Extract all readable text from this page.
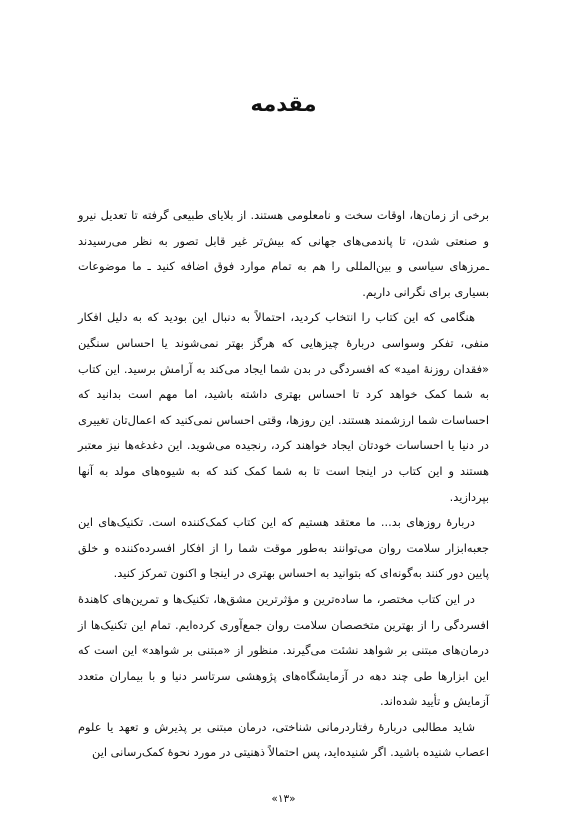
مقدمه

برخی از زمان‌ها، اوقات سخت و نامعلومی هستند. از بلایای طبیعی گرفته تا تعدیل نیرو و صنعتی شدن، تا پاندمی‌های جهانی که بیش‌تر غیر قابل تصور به نظر می‌رسیدند ـ‌مرزهای سیاسی و بین‌المللی را هم به تمام موارد فوق اضافه کنید ـ ما موضوعات بسیاری برای نگرانی داریم.

هنگامی که این کتاب را انتخاب کردید، احتمالاً به دنبال این بودید که به دلیل افکار منفی، تفکر وسواسی دربارهٔ چیزهایی که هرگز بهتر نمی‌شوند یا احساس سنگین «فقدان روزنهٔ امید» که افسردگی در بدن شما ایجاد می‌کند به آرامش برسید. این کتاب به شما کمک خواهد کرد تا احساس بهتری داشته باشید، اما مهم است بدانید که احساسات شما ارزشمند هستند. این روزها، وقتی احساس نمی‌کنید که اعمال‌تان تغییری در دنیا یا احساسات خودتان ایجاد خواهند کرد، رنجیده می‌شوید. این دغدغه‌ها نیز معتبر هستند و این کتاب در اینجا است تا به شما کمک کند که به شیوه‌های مولد به آنها بپردازید.

دربارهٔ روزهای بد... ما معتقد هستیم که این کتاب کمک‌کننده است. تکنیک‌های این جعبه‌ابزار سلامت روان می‌توانند به‌طور موقت شما را از افکار افسرده‌کننده و خلق پایین دور کنند به‌گونه‌ای که بتوانید به احساس بهتری در اینجا و اکنون تمرکز کنید.

در این کتاب مختصر، ما ساده‌ترین و مؤثرترین مشق‌ها، تکنیک‌ها و تمرین‌های کاهندهٔ افسردگی را از بهترین متخصصان سلامت روان جمع‌آوری کرده‌ایم. تمام این تکنیک‌ها از درمان‌های مبتنی بر شواهد نشئت می‌گیرند. منظور از «مبتنی بر شواهد» این است که این ابزارها طی چند دهه در آزمایشگاه‌های پژوهشی سرتاسر دنیا و با بیماران متعدد آزمایش و تأیید شده‌اند.

شاید مطالبی دربارهٔ رفتاردرمانی شناختی، درمان مبتنی بر پذیرش و تعهد یا علوم اعصاب شنیده باشید. اگر شنیده‌اید، پس احتمالاً ذهنیتی در مورد نحوهٔ کمک‌رسانی این

«۱۳»
